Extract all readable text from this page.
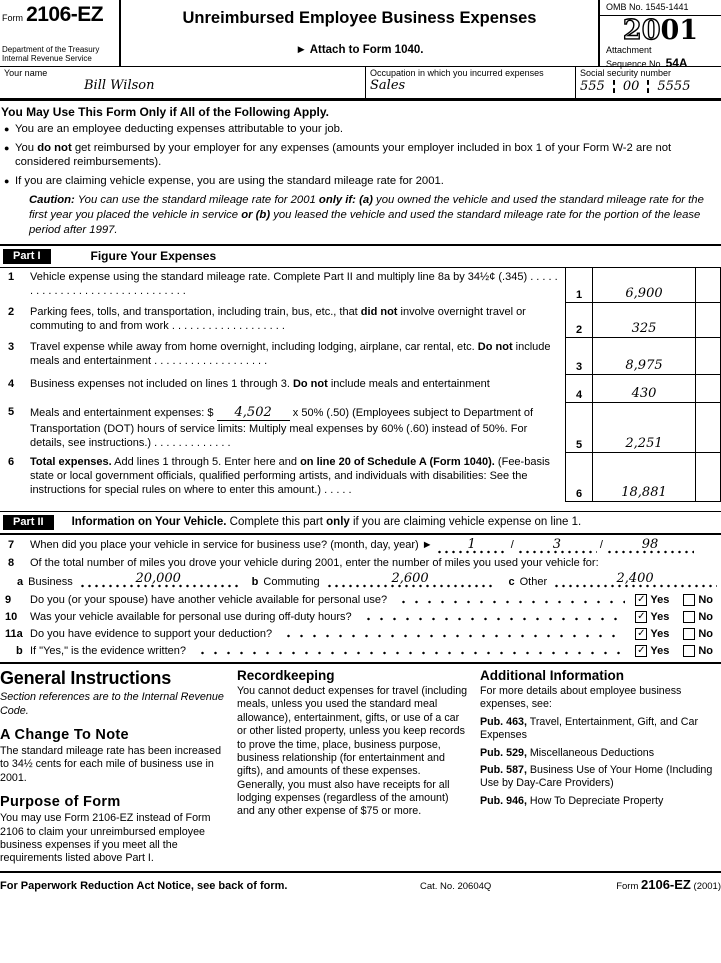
Form 2106-EZ
Department of the Treasury
Internal Revenue Service
Unreimbursed Employee Business Expenses
► Attach to Form 1040.
OMB No. 1545-1441
2001
Attachment
Sequence No. 54A
Your name
Bill Wilson
Occupation in which you incurred expenses
Sales
Social security number
555 00 5555
You May Use This Form Only if All of the Following Apply.
● You are an employee deducting expenses attributable to your job.
● You do not get reimbursed by your employer for any expenses (amounts your employer included in box 1 of your Form W-2 are not considered reimbursements).
● If you are claiming vehicle expense, you are using the standard mileage rate for 2001.
Caution: You can use the standard mileage rate for 2001 only if: (a) you owned the vehicle and used the standard mileage rate for the first year you placed the vehicle in service or (b) you leased the vehicle and used the standard mileage rate for the portion of the lease period after 1997.
Part I	Figure Your Expenses
1 Vehicle expense using the standard mileage rate. Complete Part II and multiply line 8a by 34½¢ (.345) . . . . . . . . . . . . . . . . . . . . . . . . . . . . . . .	1	6,900
2 Parking fees, tolls, and transportation, including train, bus, etc., that did not involve overnight travel or commuting to and from work . . . . . . . . . . . . . . . . . . .	2	325
3 Travel expense while away from home overnight, including lodging, airplane, car rental, etc. Do not include meals and entertainment . . . . . . . . . . . . . . . . . . .	3	8,975
4 Business expenses not included on lines 1 through 3. Do not include meals and entertainment
4	430
5 Meals and entertainment expenses: $ 4,502 x 50% (.50) (Employees subject to Department of Transportation (DOT) hours of service limits: Multiply meal expenses by 60% (.60) instead of 50%. For details, see instructions.) . . . . . . . . . . . . .	5	2,251
6 Total expenses. Add lines 1 through 5. Enter here and on line 20 of Schedule A (Form 1040). (Fee-basis state or local government officials, qualified performing artists, and individuals with disabilities: See the instructions for special rules on where to enter this amount.) . . . . .	6	18,881
Part II	Information on Your Vehicle. Complete this part only if you are claiming vehicle expense on line 1.
7 When did you place your vehicle in service for business use? (month, day, year) ►	1	/	3	/	98
8 Of the total number of miles you drove your vehicle during 2001, enter the number of miles you used your vehicle for:
a Business	20,000	b Commuting	2,600	c Other	2,400
9	Do you (or your spouse) have another vehicle available for personal use?	✓ Yes	No
10	Was your vehicle available for personal use during off-duty hours?	✓ Yes	No
11a Do you have evidence to support your deduction?	✓ Yes	No
b If "Yes," is the evidence written?	✓ Yes	No
General Instructions
Section references are to the Internal Revenue Code.
A Change To Note
The standard mileage rate has been increased to 34½ cents for each mile of business use in 2001.
Purpose of Form
You may use Form 2106-EZ instead of Form 2106 to claim your unreimbursed employee business expenses if you meet all the requirements listed above Part I.
Recordkeeping
You cannot deduct expenses for travel (including meals, unless you used the standard meal allowance), entertainment, gifts, or use of a car or other listed property, unless you keep records to prove the time, place, business purpose, business relationship (for entertainment and gifts), and amounts of these expenses. Generally, you must also have receipts for all lodging expenses (regardless of the amount) and any other expense of $75 or more.
Additional Information
For more details about employee business expenses, see:
Pub. 463, Travel, Entertainment, Gift, and Car Expenses
Pub. 529, Miscellaneous Deductions
Pub. 587, Business Use of Your Home (Including Use by Day-Care Providers)
Pub. 946, How To Depreciate Property
For Paperwork Reduction Act Notice, see back of form.	Cat. No. 20604Q	Form 2106-EZ (2001)
